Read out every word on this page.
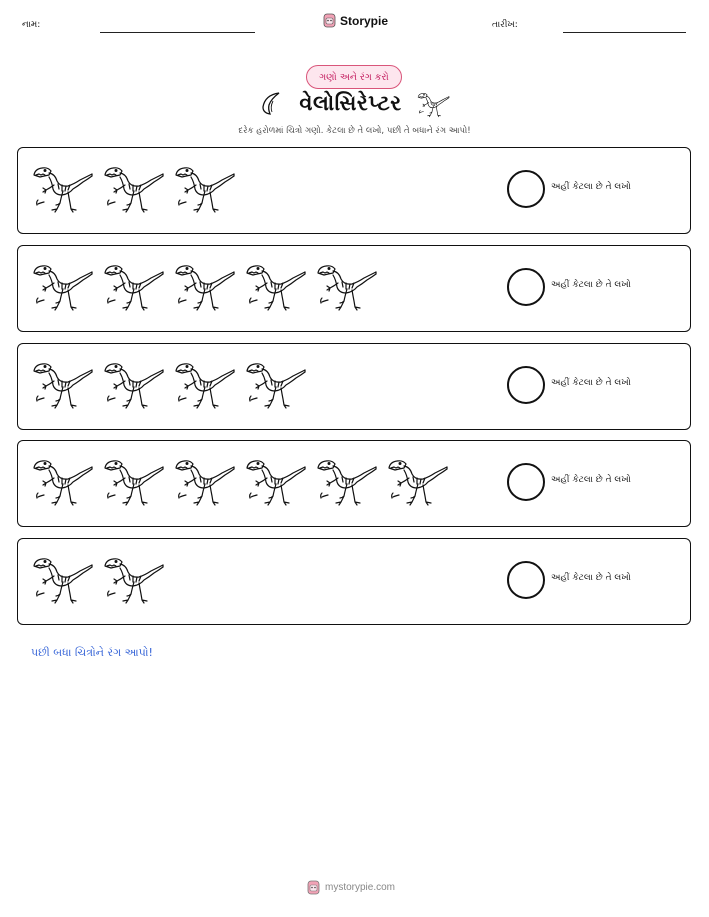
નામ:	Storypie	તારીખ:
ગણો અને રંગ કરો
વેલોસિરેપ્ટર
દરેક હરોળમાં ચિત્રો ગણો. કેટલા છે તે લખો, પછી તે બધાને રંગ આપો!
અહીં કેટલા છે તે લખો
અહીં કેટલા છે તે લખો
અહીં કેટલા છે તે લખો
અહીં કેટલા છે તે લખો
અહીં કેટલા છે તે લખો
પછી બધા ચિત્રોને રંગ આપો!
mystorypie.com
